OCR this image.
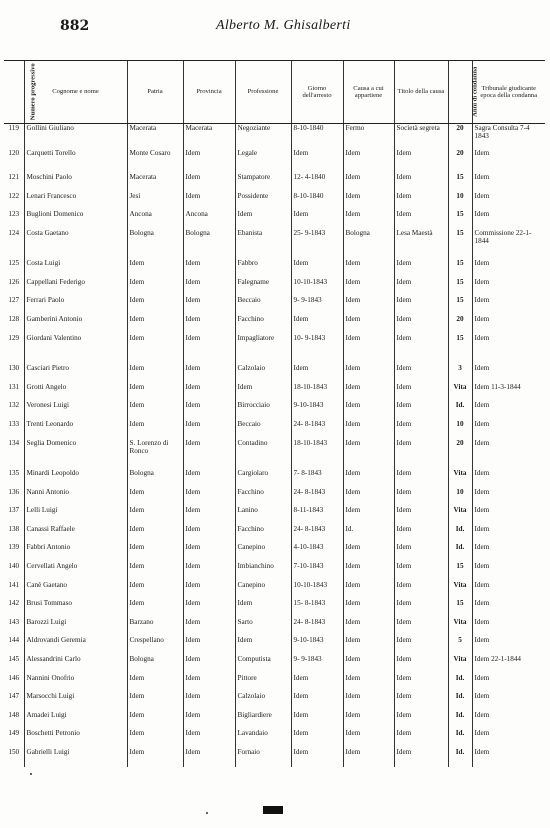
882	Alberto M. Ghisalberti
Numero progressivo	Cognome e nome	Patria	Provincia	Professione	Giorno dell'arresto	Causa a cui appartiene	Titolo della causa	Anni di condanna	Tribunale giudicante epoca della condanna
119	Gollini Giuliano	Macerata	Macerata	Negoziante	8-10-1840	Fermo	Società segreta	20	Sagra Consulta 7-4 1843
120	Carquetti Torello	Monte Cosaro	Idem	Legale	Idem	Idem	Idem	20	Idem
121	Moschini Paolo	Macerata	Idem	Stampatore	12- 4-1840	Idem	Idem	15	Idem
122	Lenari Francesco	Jesi	Idem	Possidente	8-10-1840	Idem	Idem	10	Idem
123	Buglioni Domenico	Ancona	Ancona	Idem	Idem	Idem	Idem	15	Idem
124	Costa Gaetano	Bologna	Bologna	Ebanista	25- 9-1843	Bologna	Lesa Maestà	15	Commissione 22-1-1844

125	Costa Luigi	Idem	Idem	Fabbro	Idem	Idem	Idem	15	Idem
126	Cappellani Federigo	Idem	Idem	Falegname	10-10-1843	Idem	Idem	15	Idem
127	Ferrari Paolo	Idem	Idem	Beccaio	9- 9-1843	Idem	Idem	15	Idem
128	Gamberini Antonio	Idem	Idem	Facchino	Idem	Idem	Idem	20	Idem
129	Giordani Valentino	Idem	Idem	Impagliatore	10- 9-1843	Idem	Idem	15	Idem

130	Casciari Pietro	Idem	Idem	Calzolaio	Idem	Idem	Idem	3	Idem
131	Grotti Angelo	Idem	Idem	Idem	18-10-1843	Idem	Idem	Vita	Idem 11-3-1844
132	Veronesi Luigi	Idem	Idem	Birrocciaio	9-10-1843	Idem	Idem	Id.	Idem
133	Trenti Leonardo	Idem	Idem	Beccaio	24- 8-1843	Idem	Idem	10	Idem
134	Seglia Domenico	S. Lorenzo di Ronco	Idem	Contadino	18-10-1843	Idem	Idem	20	Idem

135	Minardi Leopoldo	Bologna	Idem	Cargiolaro	7- 8-1843	Idem	Idem	Vita	Idem
136	Nanni Antonio	Idem	Idem	Facchino	24- 8-1843	Idem	Idem	10	Idem
137	Lelli Luigi	Idem	Idem	Lanino	8-11-1843	Idem	Idem	Vita	Idem
138	Canassi Raffaele	Idem	Idem	Facchino	24- 8-1843	Id.	Idem	Id.	Idem
139	Fabbri Antonio	Idem	Idem	Canepino	4-10-1843	Idem	Idem	Id.	Idem
140	Cervellati Angelo	Idem	Idem	Imbianchino	7-10-1843	Idem	Idem	15	Idem
141	Canè Gaetano	Idem	Idem	Canepino	10-10-1843	Idem	Idem	Vita	Idem
142	Brusi Tommaso	Idem	Idem	Idem	15- 8-1843	Idem	Idem	15	Idem
143	Barozzi Luigi	Barzano	Idem	Sarto	24- 8-1843	Idem	Idem	Vita	Idem
144	Aldrovandi Geremia	Crespellano	Idem	Idem	9-10-1843	Idem	Idem	5	Idem
145	Alessandrini Carlo	Bologna	Idem	Computista	9- 9-1843	Idem	Idem	Vita	Idem 22-1-1844
146	Nannini Onofrio	Idem	Idem	Pittore	Idem	Idem	Idem	Id.	Idem
147	Marsocchi Luigi	Idem	Idem	Calzolaio	Idem	Idem	Idem	Id.	Idem
148	Amadei Luigi	Idem	Idem	Bigliardiere	Idem	Idem	Idem	Id.	Idem
149	Boschetti Petronio	Idem	Idem	Lavandaio	Idem	Idem	Idem	Id.	Idem
150	Gabrielli Luigi	Idem	Idem	Fornaio	Idem	Idem	Idem	Id.	Idem
